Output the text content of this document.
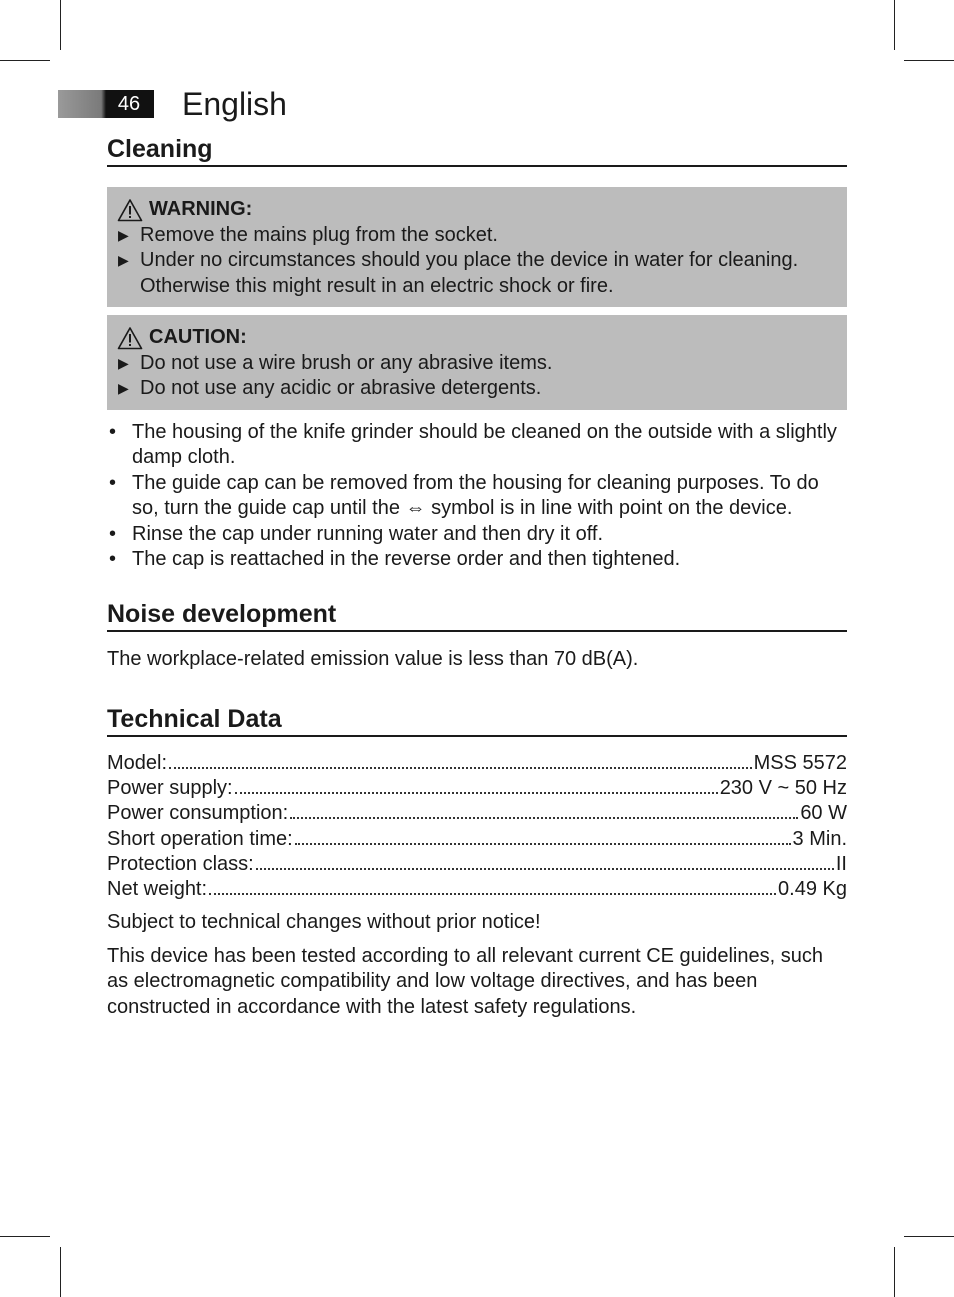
46	English
Cleaning
WARNING:
▶ Remove the mains plug from the socket.
▶ Under no circumstances should you place the device in water for cleaning. Otherwise this might result in an electric shock or fire.
CAUTION:
▶ Do not use a wire brush or any abrasive items.
▶ Do not use any acidic or abrasive detergents.
• The housing of the knife grinder should be cleaned on the outside with a slightly damp cloth.
• The guide cap can be removed from the housing for cleaning purposes. To do so, turn the guide cap until the ⇔ symbol is in line with point on the device.
• Rinse the cap under running water and then dry it off.
• The cap is reattached in the reverse order and then tightened.
Noise development

The workplace-related emission value is less than 70 dB(A).

Technical Data
Model:	MSS 5572
Power supply:	230 V ~ 50 Hz
Power consumption:	60 W
Short operation time:	3 Min.
Protection class:	II
Net weight:	0.49 Kg

Subject to technical changes without prior notice!

This device has been tested according to all relevant current CE guidelines, such as electromagnetic compatibility and low voltage directives, and has been constructed in accordance with the latest safety regulations.
